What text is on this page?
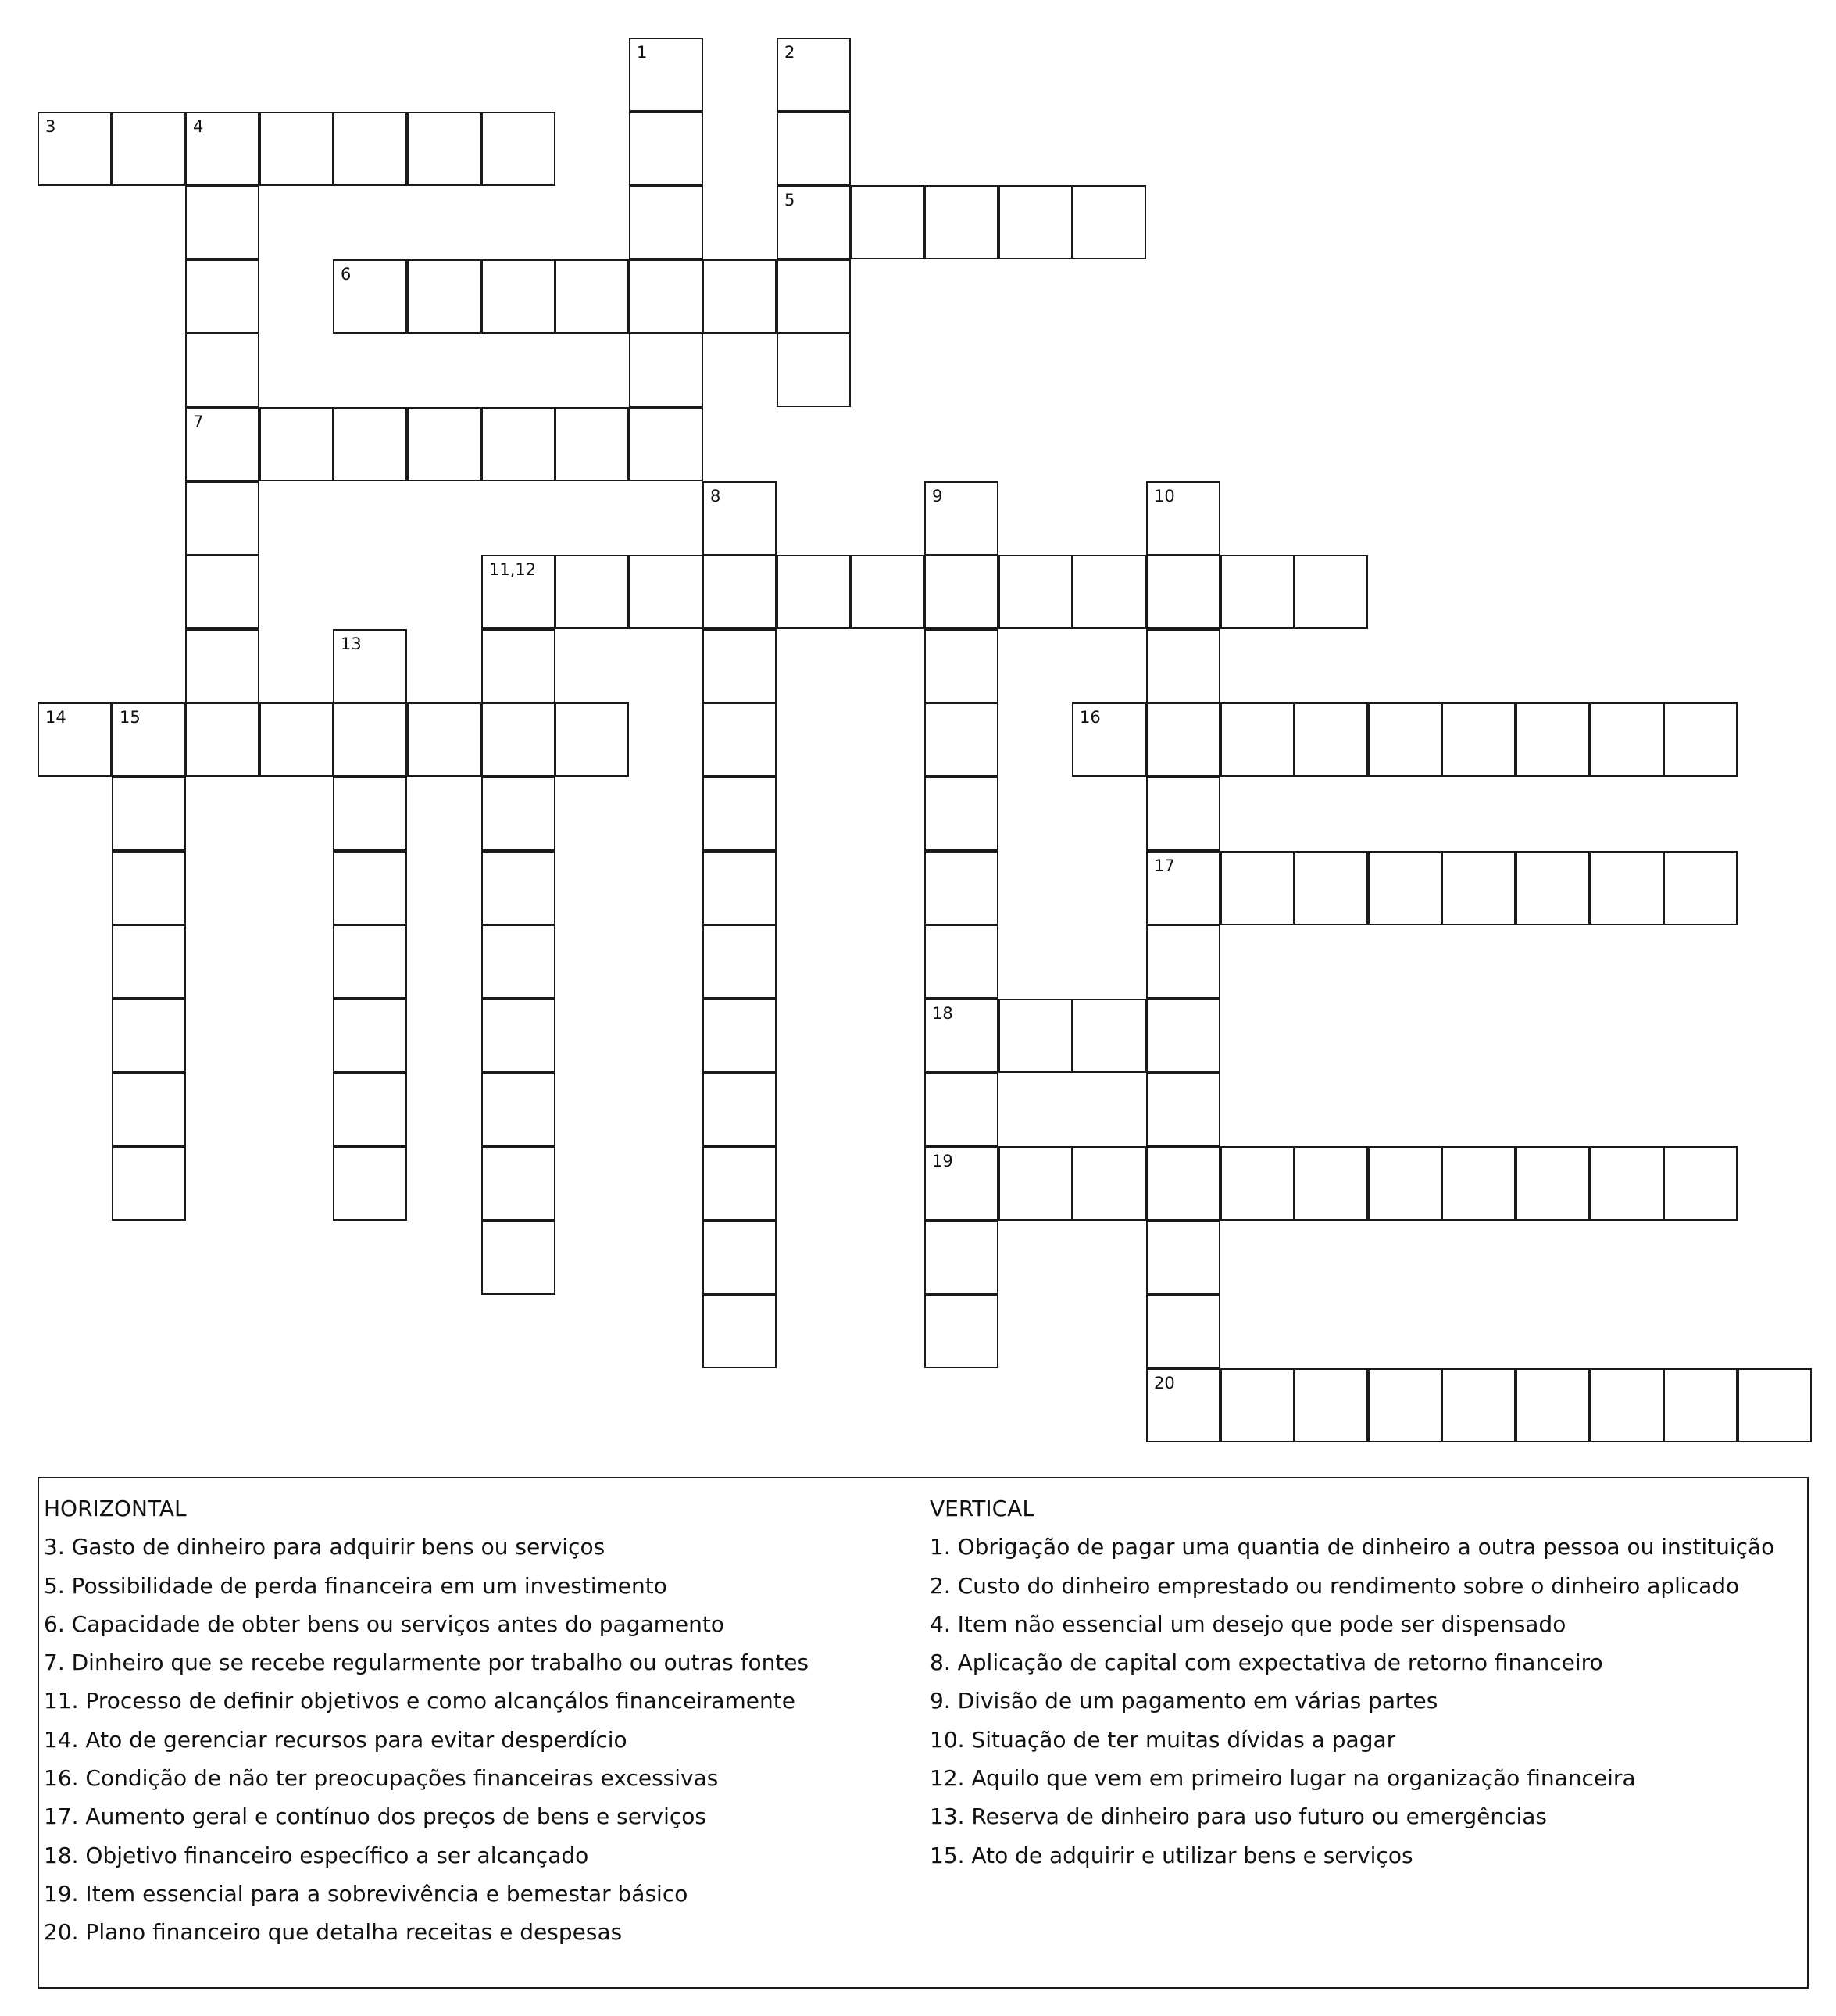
1	2
3	4
5
6
7
8	9	10
11,12
13
14	15	16
17
18
19
20
HORIZONTAL
3. Gasto de dinheiro para adquirir bens ou serviços
5. Possibilidade de perda financeira em um investimento
6. Capacidade de obter bens ou serviços antes do pagamento
7. Dinheiro que se recebe regularmente por trabalho ou outras fontes
11. Processo de definir objetivos e como alcançálos financeiramente
14. Ato de gerenciar recursos para evitar desperdício
16. Condição de não ter preocupações financeiras excessivas
17. Aumento geral e contínuo dos preços de bens e serviços
18. Objetivo financeiro específico a ser alcançado
19. Item essencial para a sobrevivência e bemestar básico
20. Plano financeiro que detalha receitas e despesas
VERTICAL
1. Obrigação de pagar uma quantia de dinheiro a outra pessoa ou instituição
2. Custo do dinheiro emprestado ou rendimento sobre o dinheiro aplicado
4. Item não essencial um desejo que pode ser dispensado
8. Aplicação de capital com expectativa de retorno financeiro
9. Divisão de um pagamento em várias partes
10. Situação de ter muitas dívidas a pagar
12. Aquilo que vem em primeiro lugar na organização financeira
13. Reserva de dinheiro para uso futuro ou emergências
15. Ato de adquirir e utilizar bens e serviços
